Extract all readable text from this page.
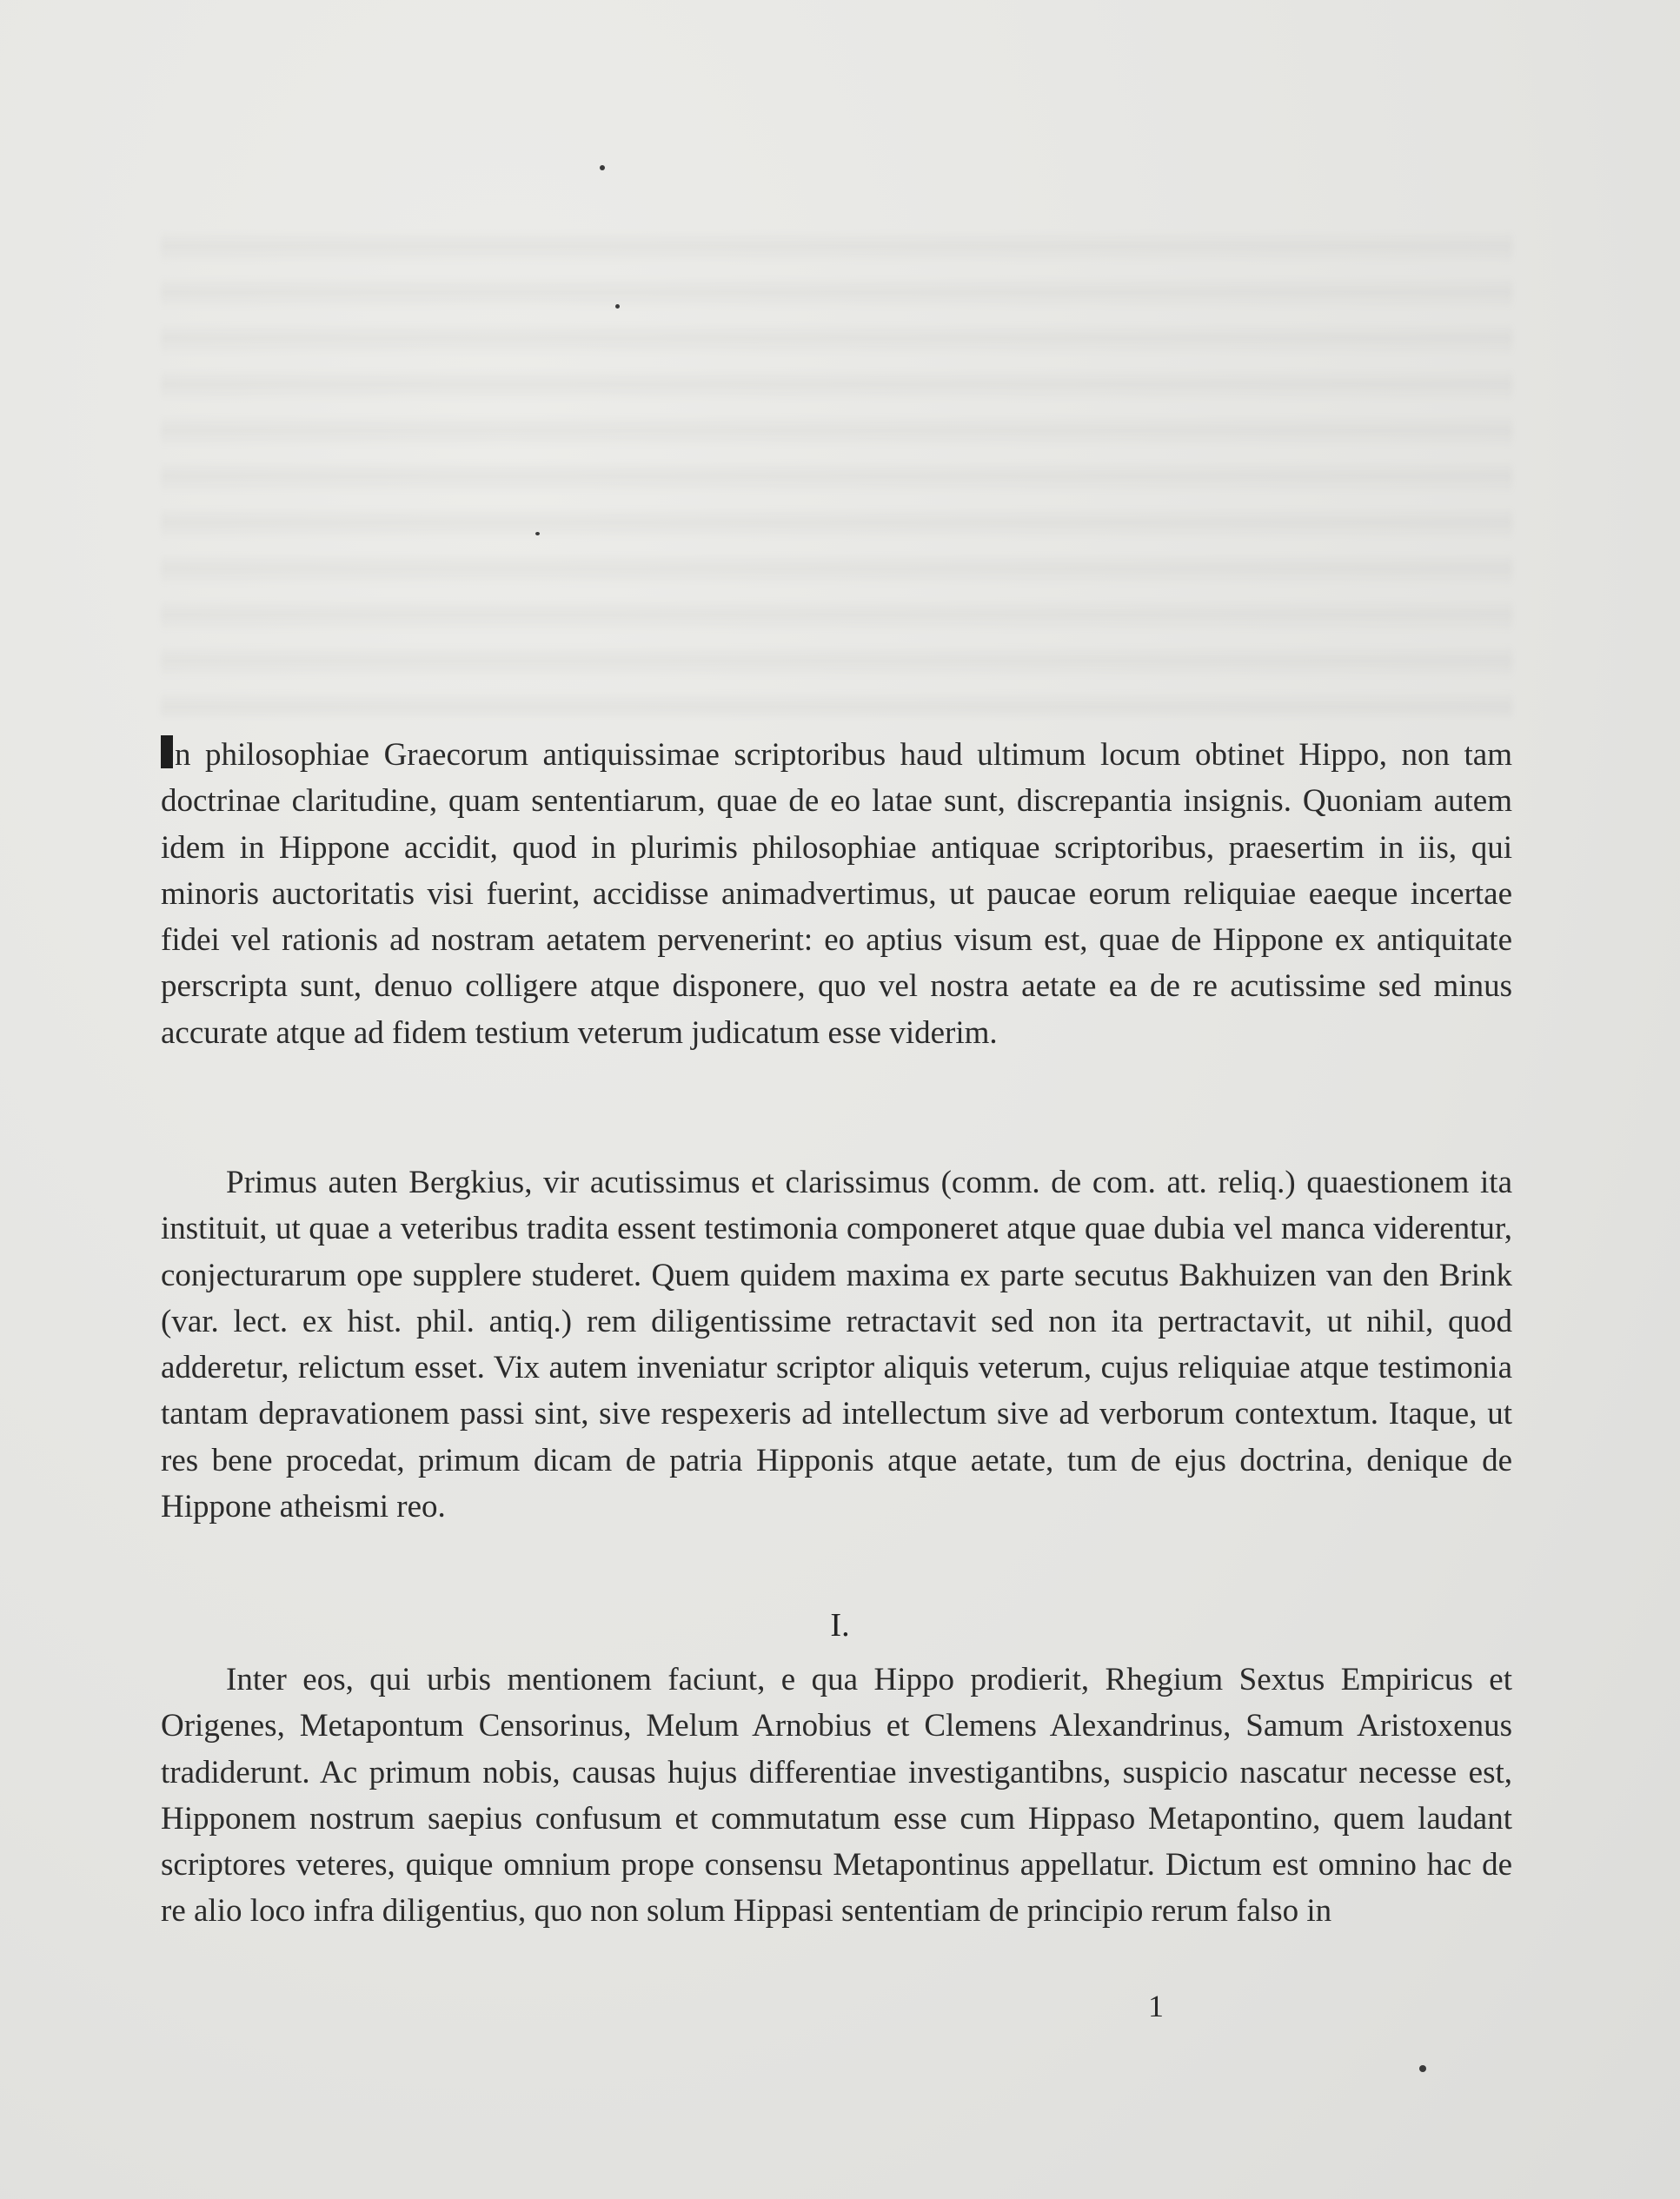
In philosophiae Graecorum antiquissimae scriptoribus haud ultimum locum obtinet Hippo, non tam doctrinae claritudine, quam sententiarum, quae de eo latae sunt, discrepantia insignis. Quoniam autem idem in Hippone accidit, quod in plurimis philosophiae antiquae scriptoribus, praesertim in iis, qui minoris auctoritatis visi fuerint, accidisse animadvertimus, ut paucae eorum reliquiae eaeque incertae fidei vel rationis ad nostram aetatem pervenerint: eo aptius visum est, quae de Hippone ex antiquitate perscripta sunt, denuo colligere atque disponere, quo vel nostra aetate ea de re acutissime sed minus accurate atque ad fidem testium veterum judicatum esse viderim.

Primus auten Bergkius, vir acutissimus et clarissimus (comm. de com. att. reliq.) quaestionem ita instituit, ut quae a veteribus tradita essent testimonia componeret atque quae dubia vel manca viderentur, conjecturarum ope supplere studeret. Quem quidem maxima ex parte secutus Bakhuizen van den Brink (var. lect. ex hist. phil. antiq.) rem diligentissime retractavit sed non ita pertractavit, ut nihil, quod adderetur, relictum esset. Vix autem inveniatur scriptor aliquis veterum, cujus reliquiae atque testimonia tantam depravationem passi sint, sive respexeris ad intellectum sive ad verborum contextum. Itaque, ut res bene procedat, primum dicam de patria Hipponis atque aetate, tum de ejus doctrina, denique de Hippone atheismi reo.

I.

Inter eos, qui urbis mentionem faciunt, e qua Hippo prodierit, Rhegium Sextus Empiricus et Origenes, Metapontum Censorinus, Melum Arnobius et Clemens Alexandrinus, Samum Aristoxenus tradiderunt. Ac primum nobis, causas hujus differentiae investigantibns, suspicio nascatur necesse est, Hipponem nostrum saepius confusum et commutatum esse cum Hippaso Metapontino, quem laudant scriptores veteres, quique omnium prope consensu Metapontinus appellatur. Dictum est omnino hac de re alio loco infra diligentius, quo non solum Hippasi sententiam de principio rerum falso in

1
